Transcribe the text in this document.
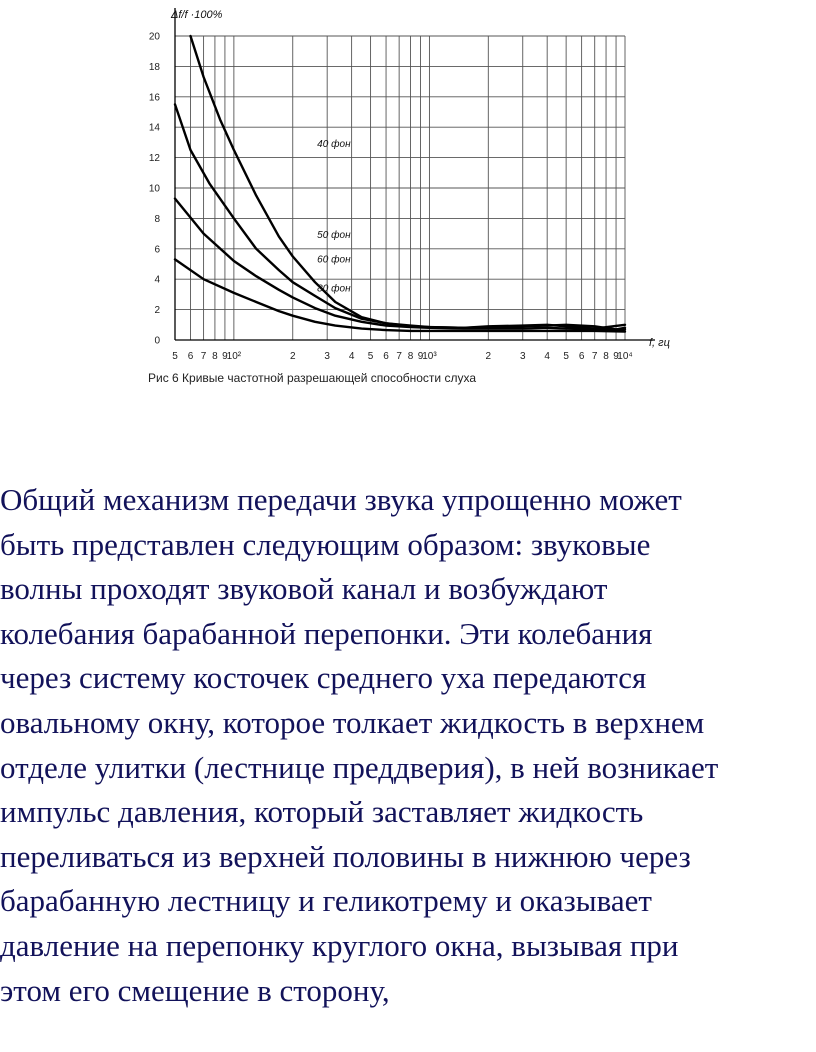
0
2
4
6
8
10
12
14
16
18
20
5 6 7 8 9
10²	2	3 4 5 6 7 8 9
10³	2	3 4 5 6 7 8 9
10⁴
Δf/f ·100%
f, гц
40 фон
50 фон
60 фон
80 фон
Рис 6 Кривые частотной разрешающей способности слуха
Общий механизм передачи звука упрощенно может
быть представлен следующим образом: звуковые
волны проходят звуковой канал и возбуждают
колебания барабанной перепонки. Эти колебания
через систему косточек среднего уха передаются
овальному окну, которое толкает жидкость в верхнем
отделе улитки (лестнице преддверия), в ней возникает
импульс давления, который заставляет жидкость
переливаться из верхней половины в нижнюю через
барабанную лестницу и геликотрему и оказывает
давление на перепонку круглого окна, вызывая при
этом его смещение в сторону,
